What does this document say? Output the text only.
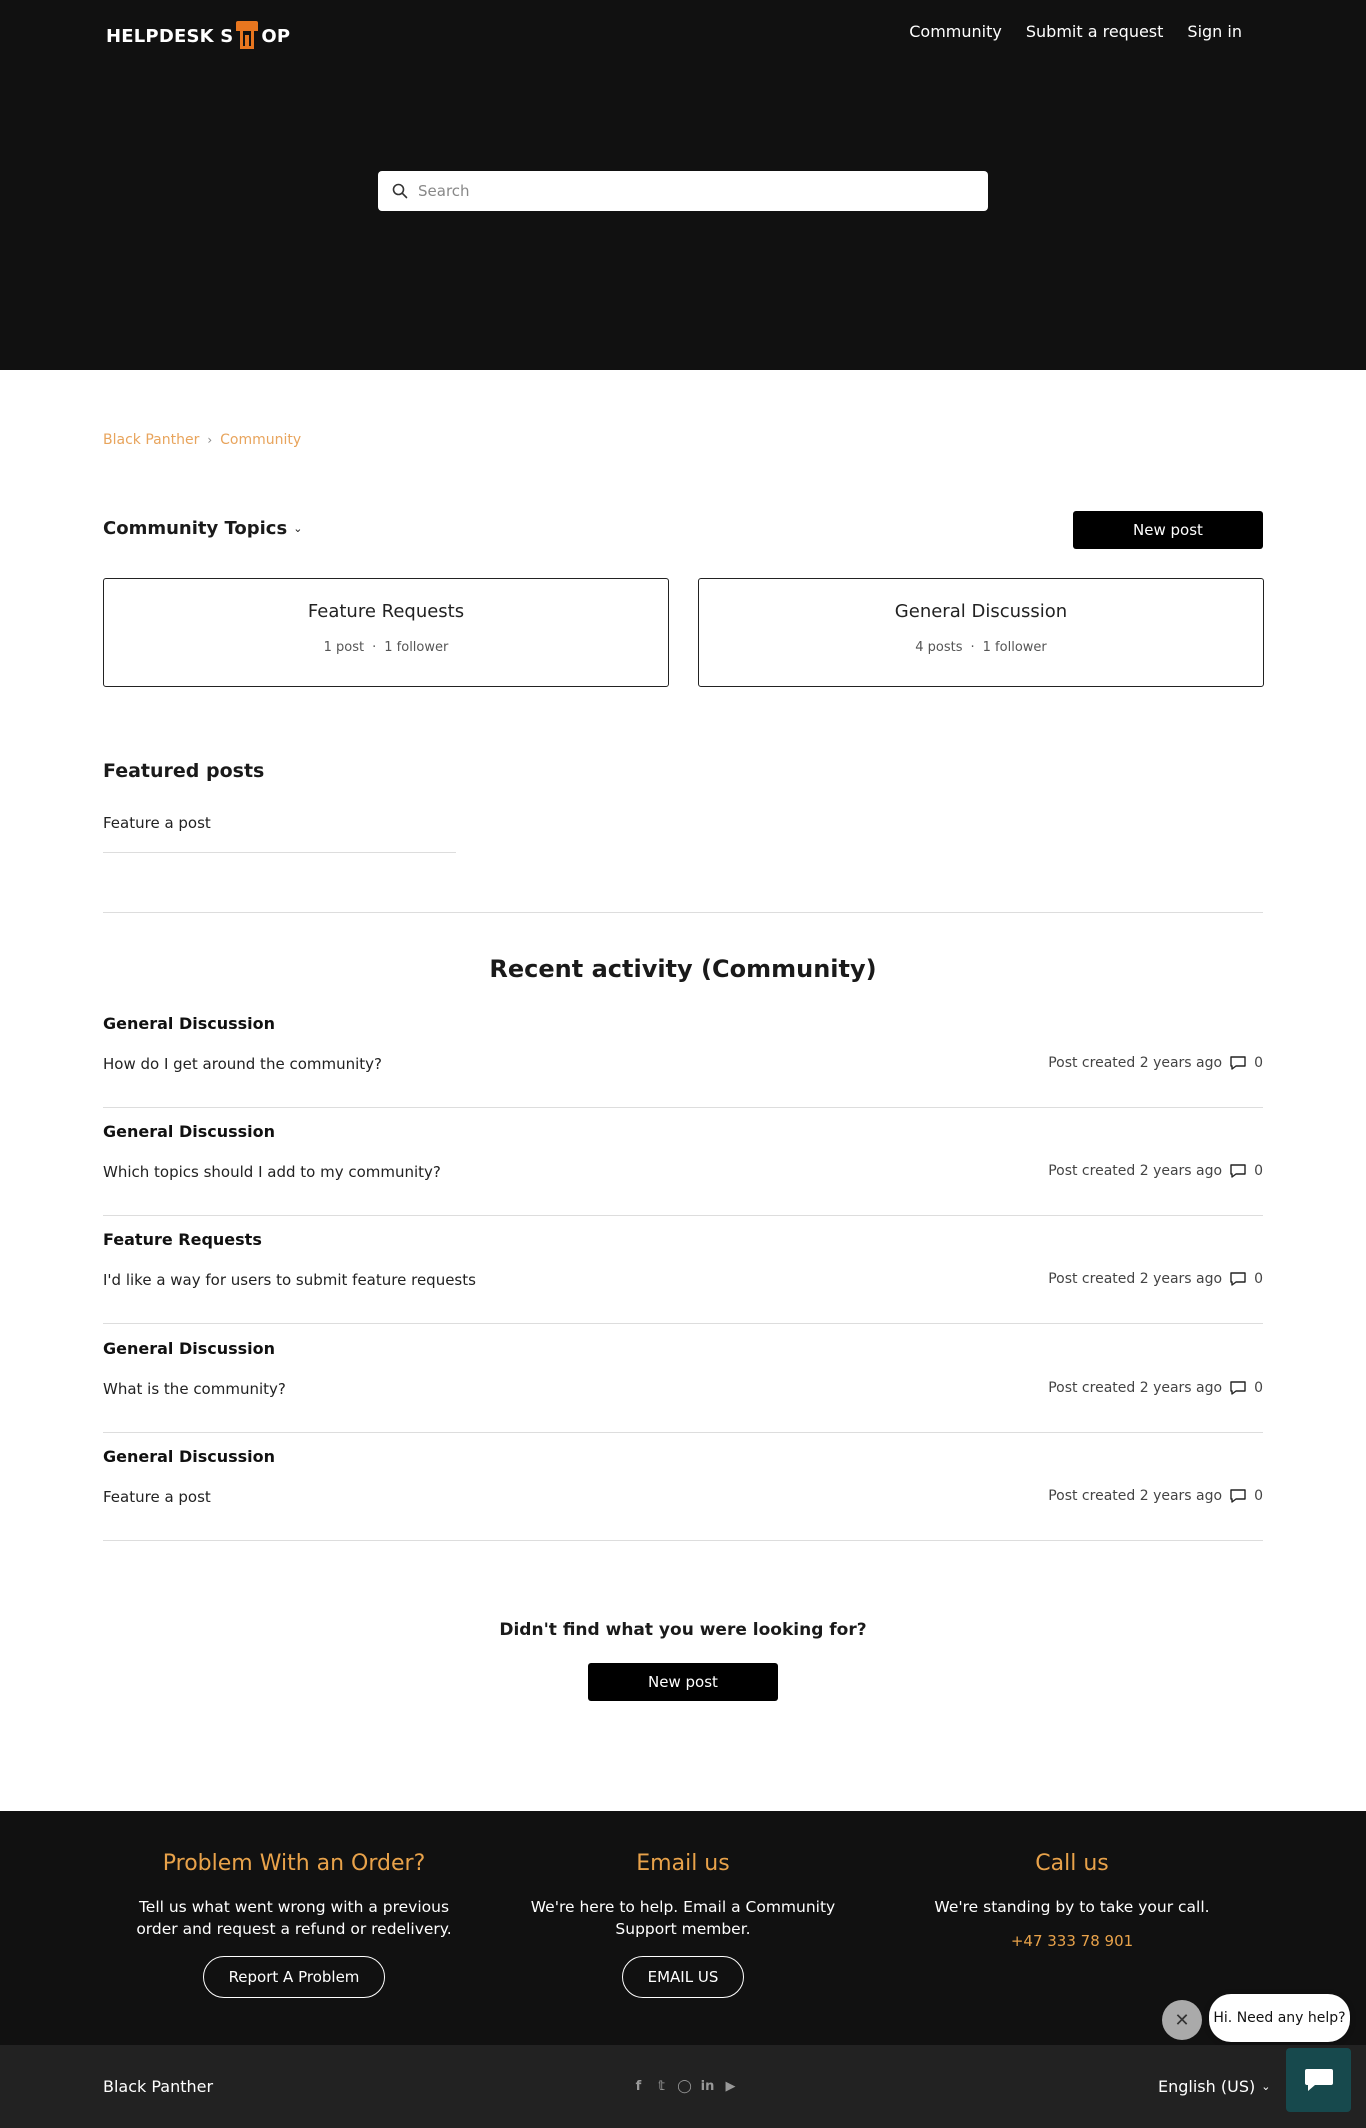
HELPDESK S OP	Community Submit a request Sign in
Search
Black Panther › Community
Community Topics ⌄	New post
Feature Requests
1 post · 1 follower
General Discussion
4 posts · 1 follower
Featured posts
Feature a post
Recent activity (Community)
General Discussion
How do I get around the community?	Post created 2 years ago 0
General Discussion
Which topics should I add to my community?	Post created 2 years ago 0
Feature Requests
I'd like a way for users to submit feature requests	Post created 2 years ago 0
General Discussion
What is the community?	Post created 2 years ago 0
General Discussion
Feature a post	Post created 2 years ago 0
Didn't find what you were looking for?
New post
Problem With an Order?

Tell us what went wrong with a previous order and request a refund or redelivery.

Report A Problem
Email us

We're here to help. Email a Community Support member.

EMAIL US
Call us

We're standing by to take your call.

+47 333 78 901
Black Panther	f	𝕥 ◯ in ▶	English (US) ⌄
✕	Hi. Need any help?
